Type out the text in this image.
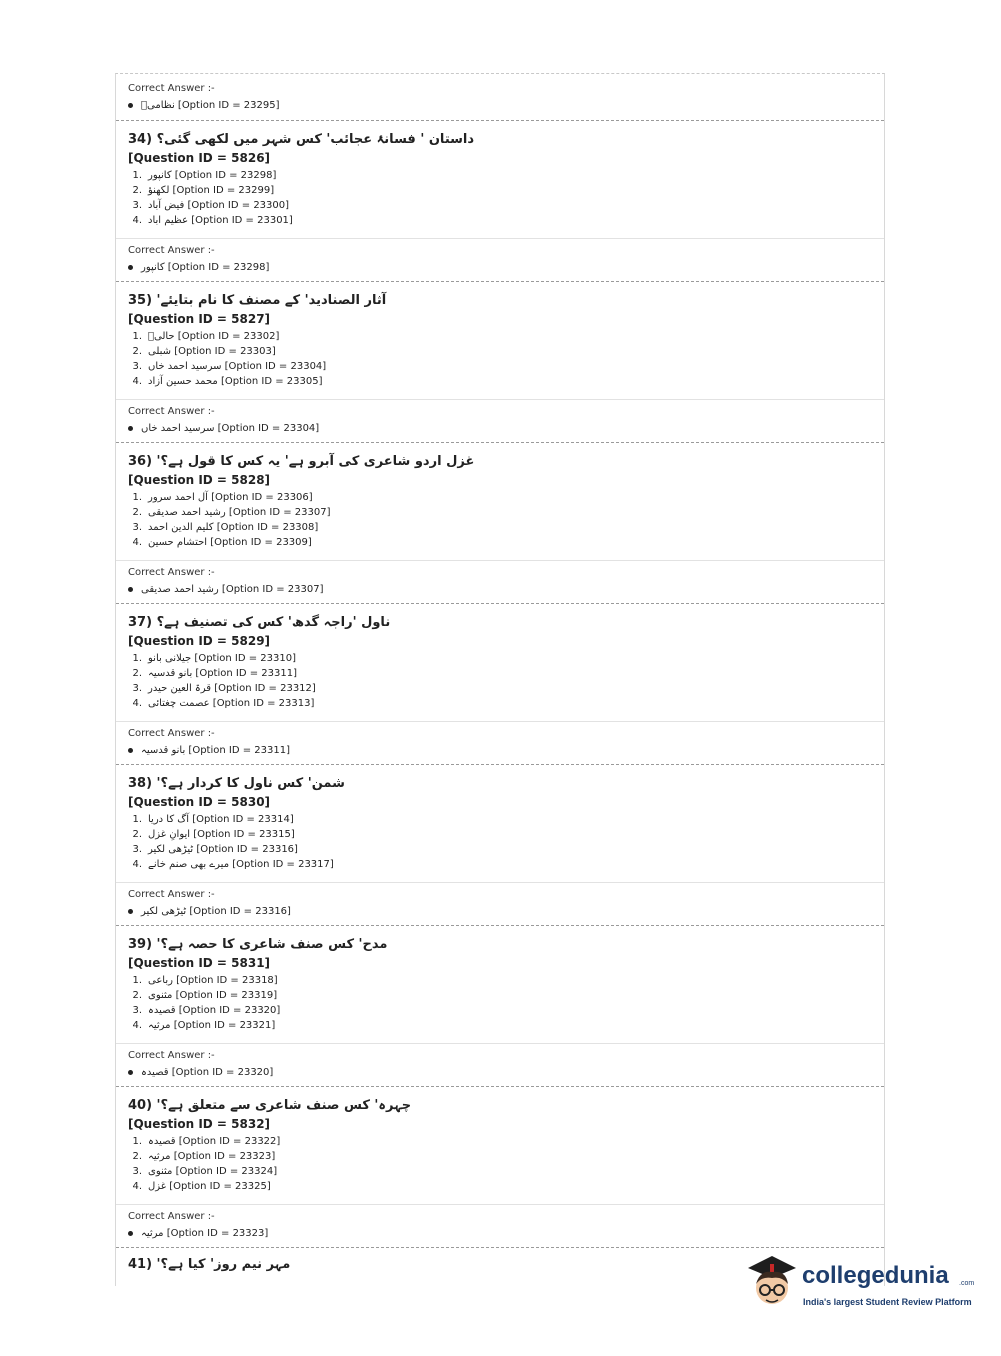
Correct Answer :-
نظامیؔ [Option ID = 23295]
34) داستان ' فسانۂ عجائب' کس شہر میں لکھی گئی؟
[Question ID = 5826]
1. کانپور [Option ID = 23298]
2. لکھنؤ [Option ID = 23299]
3. فیض آباد [Option ID = 23300]
4. عظیم اباد [Option ID = 23301]
Correct Answer :-
کانپور [Option ID = 23298]
35) 'آثار الصنادید' کے مصنف کا نام بتایئے
[Question ID = 5827]
1. حالیؔ [Option ID = 23302]
2. شبلی [Option ID = 23303]
3. سرسید احمد خاں [Option ID = 23304]
4. محمد حسین آزاد [Option ID = 23305]
Correct Answer :-
سرسید احمد خاں [Option ID = 23304]
36) 'غزل اردو شاعری کی آبرو ہے' یہ کس کا قول ہے؟
[Question ID = 5828]
1. آل احمد سرور [Option ID = 23306]
2. رشید احمد صدیقی [Option ID = 23307]
3. کلیم الدین احمد [Option ID = 23308]
4. احتشام حسین [Option ID = 23309]
Correct Answer :-
رشید احمد صدیقی [Option ID = 23307]
37) ناول 'راجہ گدھ' کس کی تصنیف ہے؟
[Question ID = 5829]
1. جیلانی بانو [Option ID = 23310]
2. بانو قدسیہ [Option ID = 23311]
3. قرۃ العین حیدر [Option ID = 23312]
4. عصمت چغتائی [Option ID = 23313]
Correct Answer :-
بانو قدسیہ [Option ID = 23311]
38) 'شمن' کس ناول کا کردار ہے؟
[Question ID = 5830]
1. آگ کا دریا [Option ID = 23314]
2. ایوانِ غزل [Option ID = 23315]
3. ٹیڑھی لکیر [Option ID = 23316]
4. میرے بھی صنم خانے [Option ID = 23317]
Correct Answer :-
ٹیڑھی لکیر [Option ID = 23316]
39) 'مدح' کس صنف شاعری کا حصہ ہے؟
[Question ID = 5831]
1. رباعی [Option ID = 23318]
2. مثنوی [Option ID = 23319]
3. قصیدہ [Option ID = 23320]
4. مرثیہ [Option ID = 23321]
Correct Answer :-
قصیدہ [Option ID = 23320]
40) 'چہرہ' کس صنف شاعری سے متعلق ہے؟
[Question ID = 5832]
1. قصیدہ [Option ID = 23322]
2. مرثیہ [Option ID = 23323]
3. مثنوی [Option ID = 23324]
4. غزل [Option ID = 23325]
Correct Answer :-
مرثیہ [Option ID = 23323]
41) 'مہر نیم روز' کیا ہے؟	collegedunia .com
India's largest Student Review Platform
